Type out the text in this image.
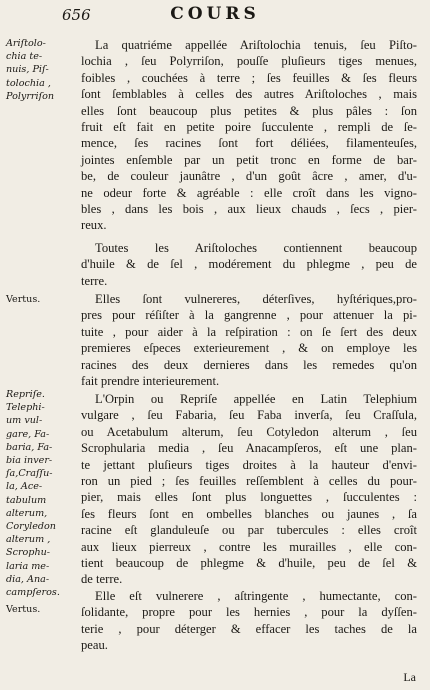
656	COURS

Ariſtolo-
chia te-
nuis, Piſ-
tolochia ,
Polyrriſon

Vertus.

Repriſe.
Telephi-
um vul-
gare, Fa-
baria, Fa-
bia inver-
ſa,Craſſu-
la, Ace-
tabulum
alterum,
Coryledon
alterum ,
Scrophu-
laria me-
dia, Ana-
campſeros.

Vertus.

La quatriéme appellée Ariſtolochia tenuis, ſeu Piſto-
lochia , ſeu Polyrriſon, pouſſe pluſieurs tiges menues,
foibles , couchées à terre ; ſes feuilles & ſes fleurs
ſont ſemblables à celles des autres Ariſtoloches , mais
elles ſont beaucoup plus petites & plus pâles : ſon
fruit eſt fait en petite poire ſucculente , rempli de ſe-
mence, ſes racines ſont fort déliées, filamenteuſes,
jointes enſemble par un petit tronc en forme de bar-
be, de couleur jaunâtre , d'un goût âcre , amer, d'u-
ne odeur forte & agréable : elle croît dans les vigno-
bles , dans les bois , aux lieux chauds , ſecs , pier-
reux.

Toutes les Ariſtoloches contiennent beaucoup
d'huile & de ſel , modérement du phlegme , peu de
terre.

Elles ſont vulnereres, déterſives, hyſtériques,pro-
pres pour réſiſter à la gangrenne , pour attenuer la pi-
tuite , pour aider à la reſpiration : on ſe ſert des deux
premieres eſpeces exterieurement , & on employe les
racines des deux dernieres dans les remedes qu'on
fait prendre interieurement.

L'Orpin ou Repriſe appellée en Latin Telephium
vulgare , ſeu Fabaria, ſeu Faba inverſa, ſeu Craſſula,
ou Acetabulum alterum, ſeu Cotyledon alterum , ſeu
Scrophularia media , ſeu Anacampſeros, eſt une plan-
te jettant pluſieurs tiges droites à la hauteur d'envi-
ron un pied ; ſes feuilles reſſemblent à celles du pour-
pier, mais elles ſont plus longuettes , ſucculentes :
ſes fleurs ſont en ombelles blanches ou jaunes , ſa
racine eſt glanduleuſe ou par tubercules : elles croît
aux lieux pierreux , contre les murailles , elle con-
tient beaucoup de phlegme & d'huile, peu de ſel &
de terre.

Elle eſt vulnerere , aſtringente , humectante, con-
ſolidante, propre pour les hernies , pour la dyſſen-
terie , pour déterger & effacer les taches de la
peau.

La
